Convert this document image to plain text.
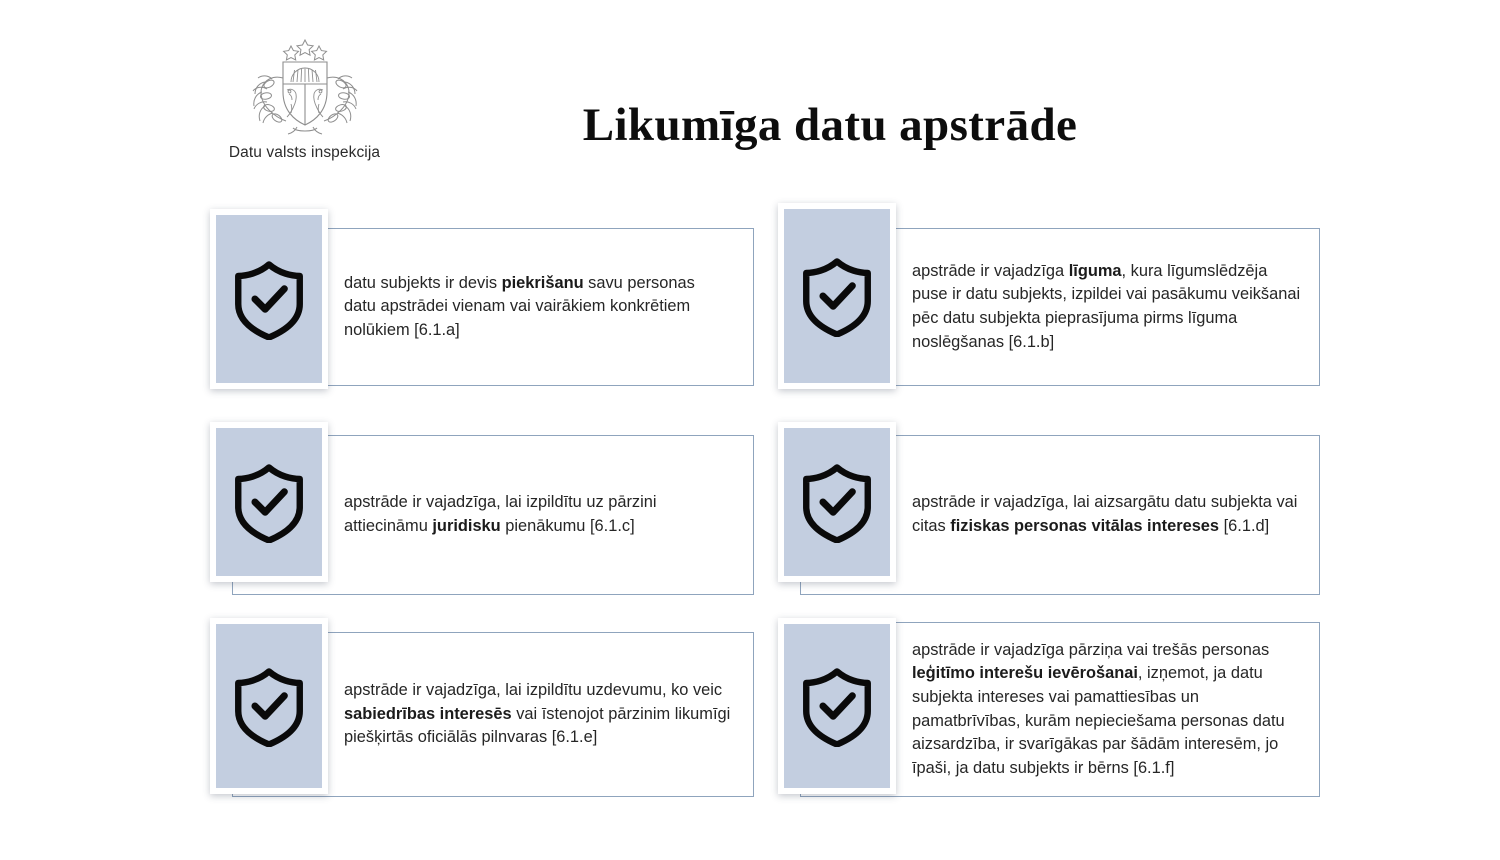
Datu valsts inspekcija
Likumīga datu apstrāde

datu subjekts ir devis piekrišanu savu personas datu apstrādei vienam vai vairākiem konkrētiem nolūkiem [6.1.a]

apstrāde ir vajadzīga līguma, kura līgumslēdzēja puse ir datu subjekts, izpildei vai pasākumu veikšanai pēc datu subjekta pieprasījuma pirms līguma noslēgšanas [6.1.b]

apstrāde ir vajadzīga, lai izpildītu uz pārzini attiecināmu juridisku pienākumu [6.1.c]

apstrāde ir vajadzīga, lai aizsargātu datu subjekta vai citas fiziskas personas vitālas intereses [6.1.d]

apstrāde ir vajadzīga, lai izpildītu uzdevumu, ko veic sabiedrības interesēs vai īstenojot pārzinim likumīgi piešķirtās oficiālās pilnvaras [6.1.e]

apstrāde ir vajadzīga pārziņa vai trešās personas leģitīmo interešu ievērošanai, izņemot, ja datu subjekta intereses vai pamattiesības un pamatbrīvības, kurām nepieciešama personas datu aizsardzība, ir svarīgākas par šādām interesēm, jo īpaši, ja datu subjekts ir bērns [6.1.f]
